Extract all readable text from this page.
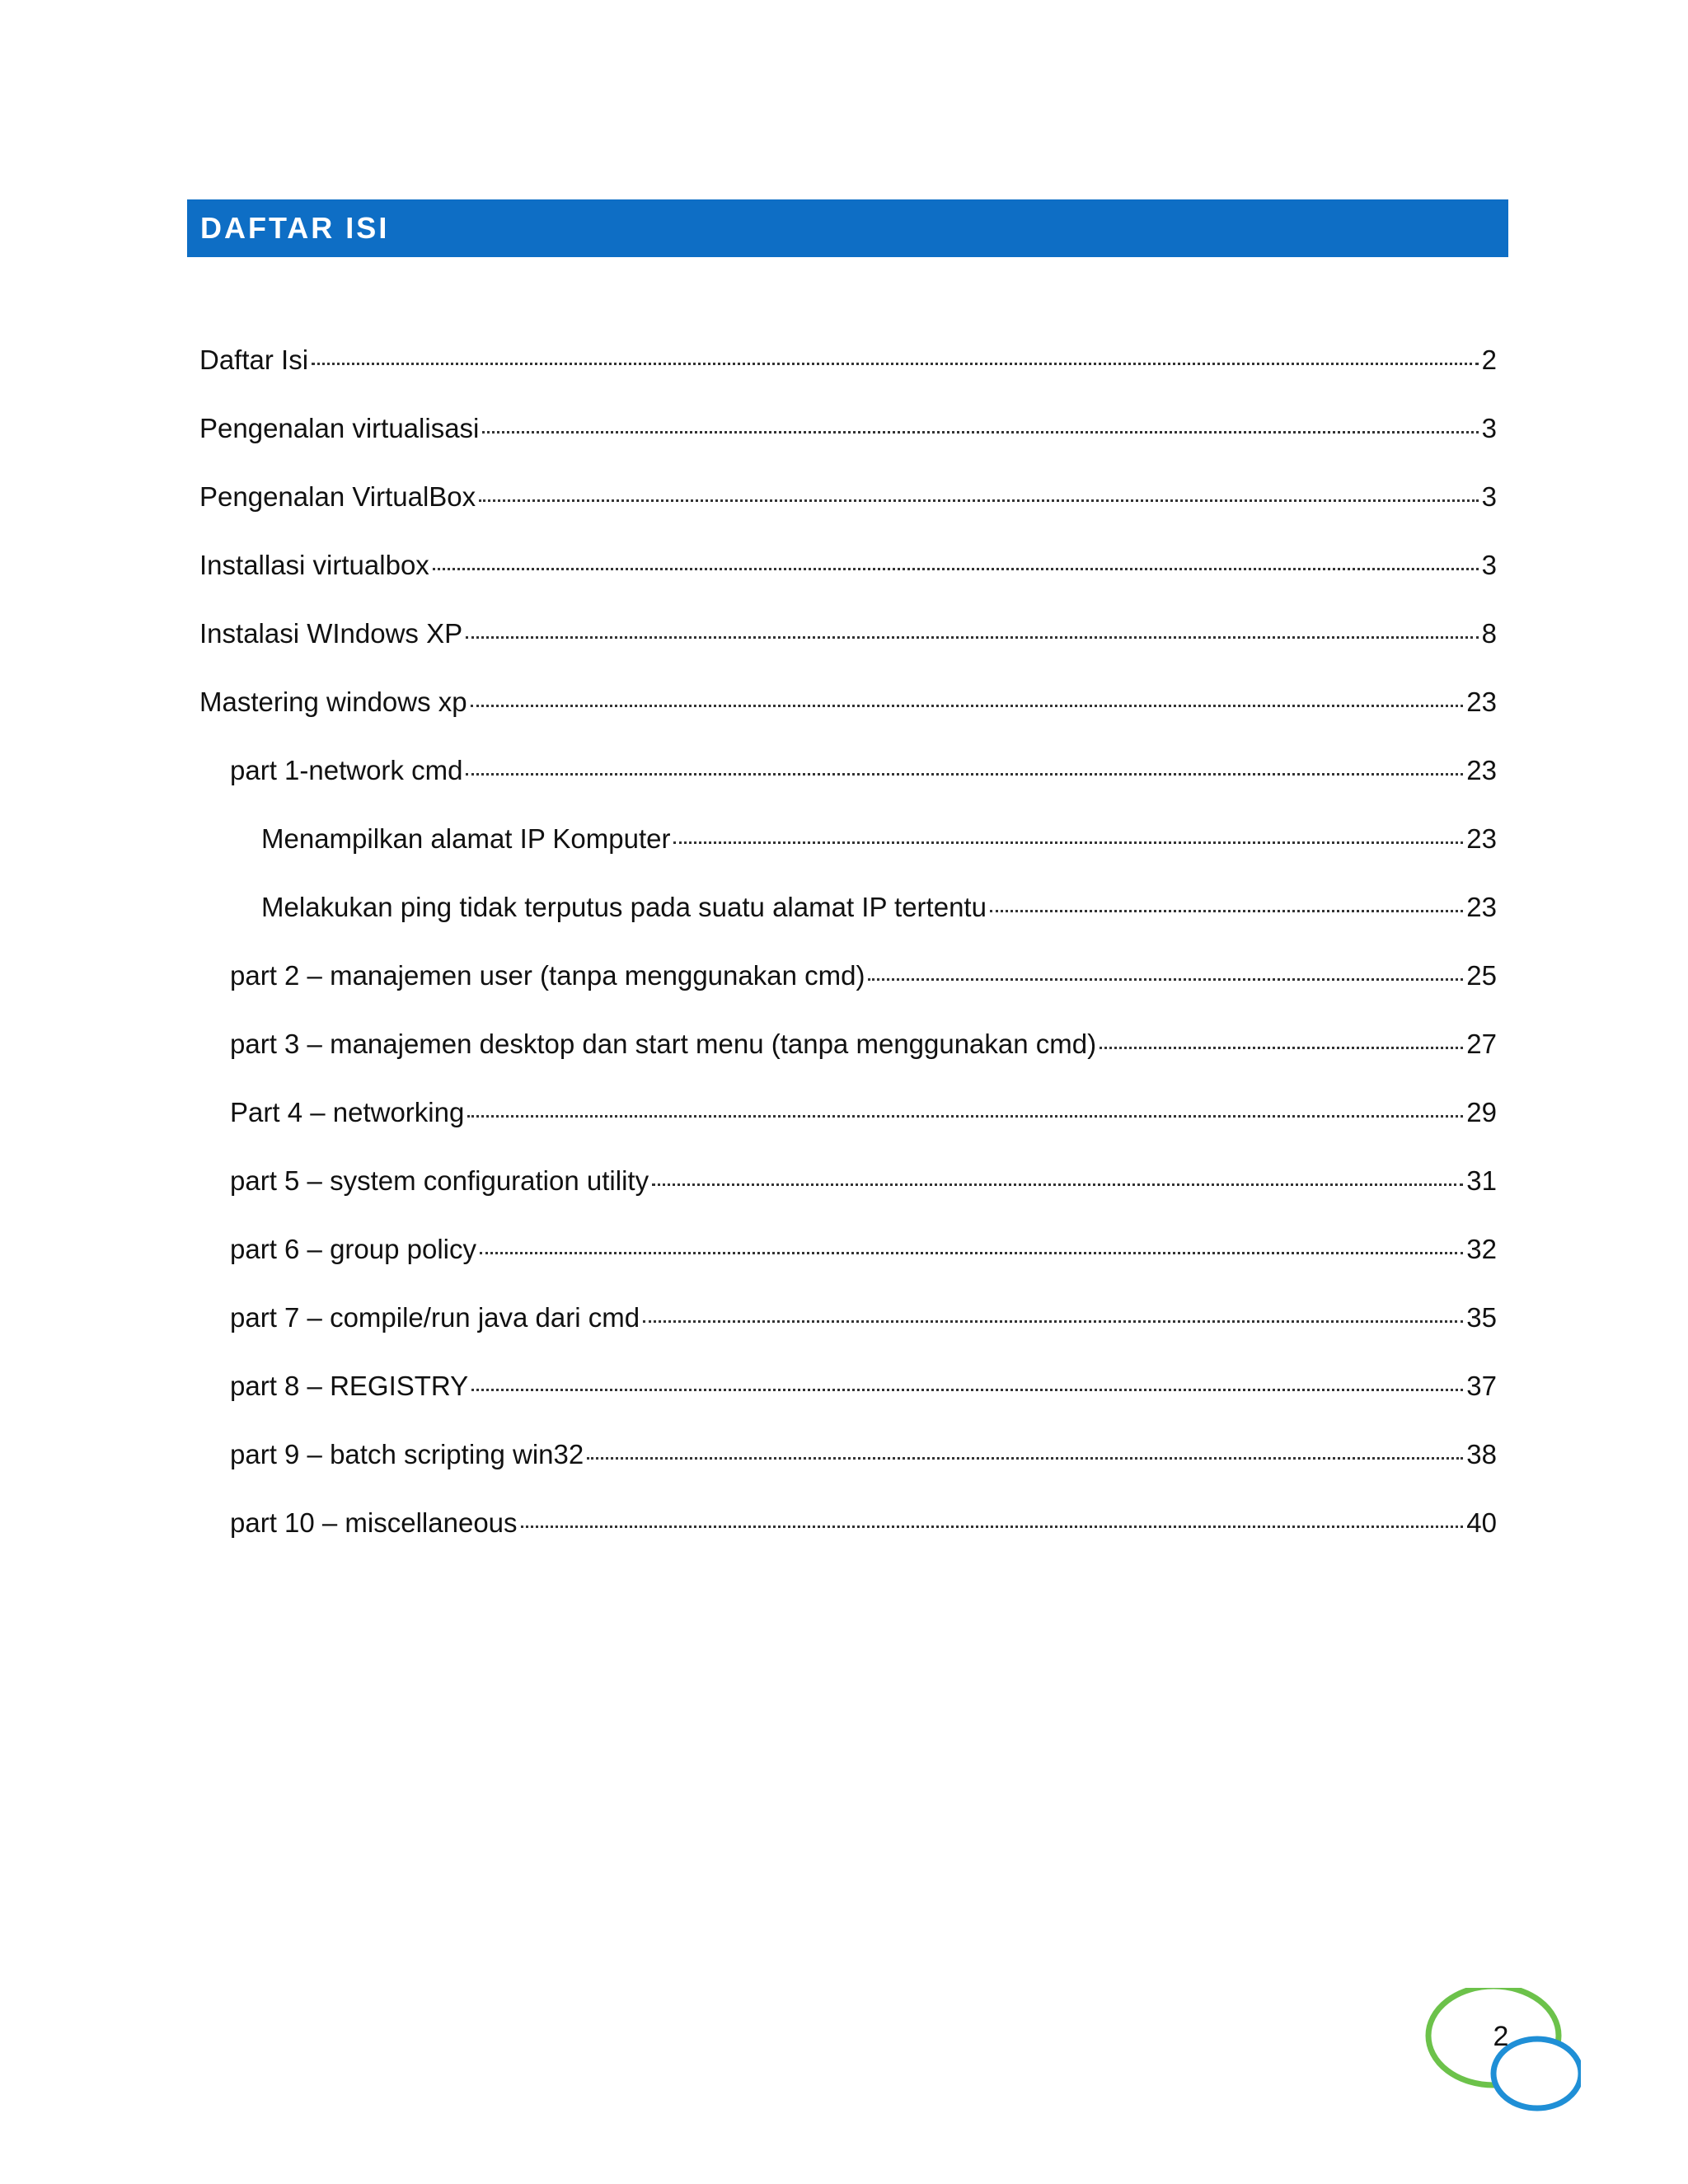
DAFTAR ISI
Daftar Isi	2
Pengenalan virtualisasi	3
Pengenalan VirtualBox	3
Installasi virtualbox	3
Instalasi WIndows XP	8
Mastering windows xp	23
part 1-network cmd	23
Menampilkan alamat IP Komputer	23
Melakukan ping tidak terputus pada suatu alamat IP tertentu	23
part 2 – manajemen user (tanpa menggunakan cmd)	25
part 3 – manajemen desktop dan start menu (tanpa menggunakan cmd)	27
Part 4 – networking	29
part 5 – system configuration utility	31
part 6 – group policy	32
part 7 – compile/run java dari cmd	35
part 8 – REGISTRY	37
part 9 – batch scripting win32	38
part 10 – miscellaneous	40
2
